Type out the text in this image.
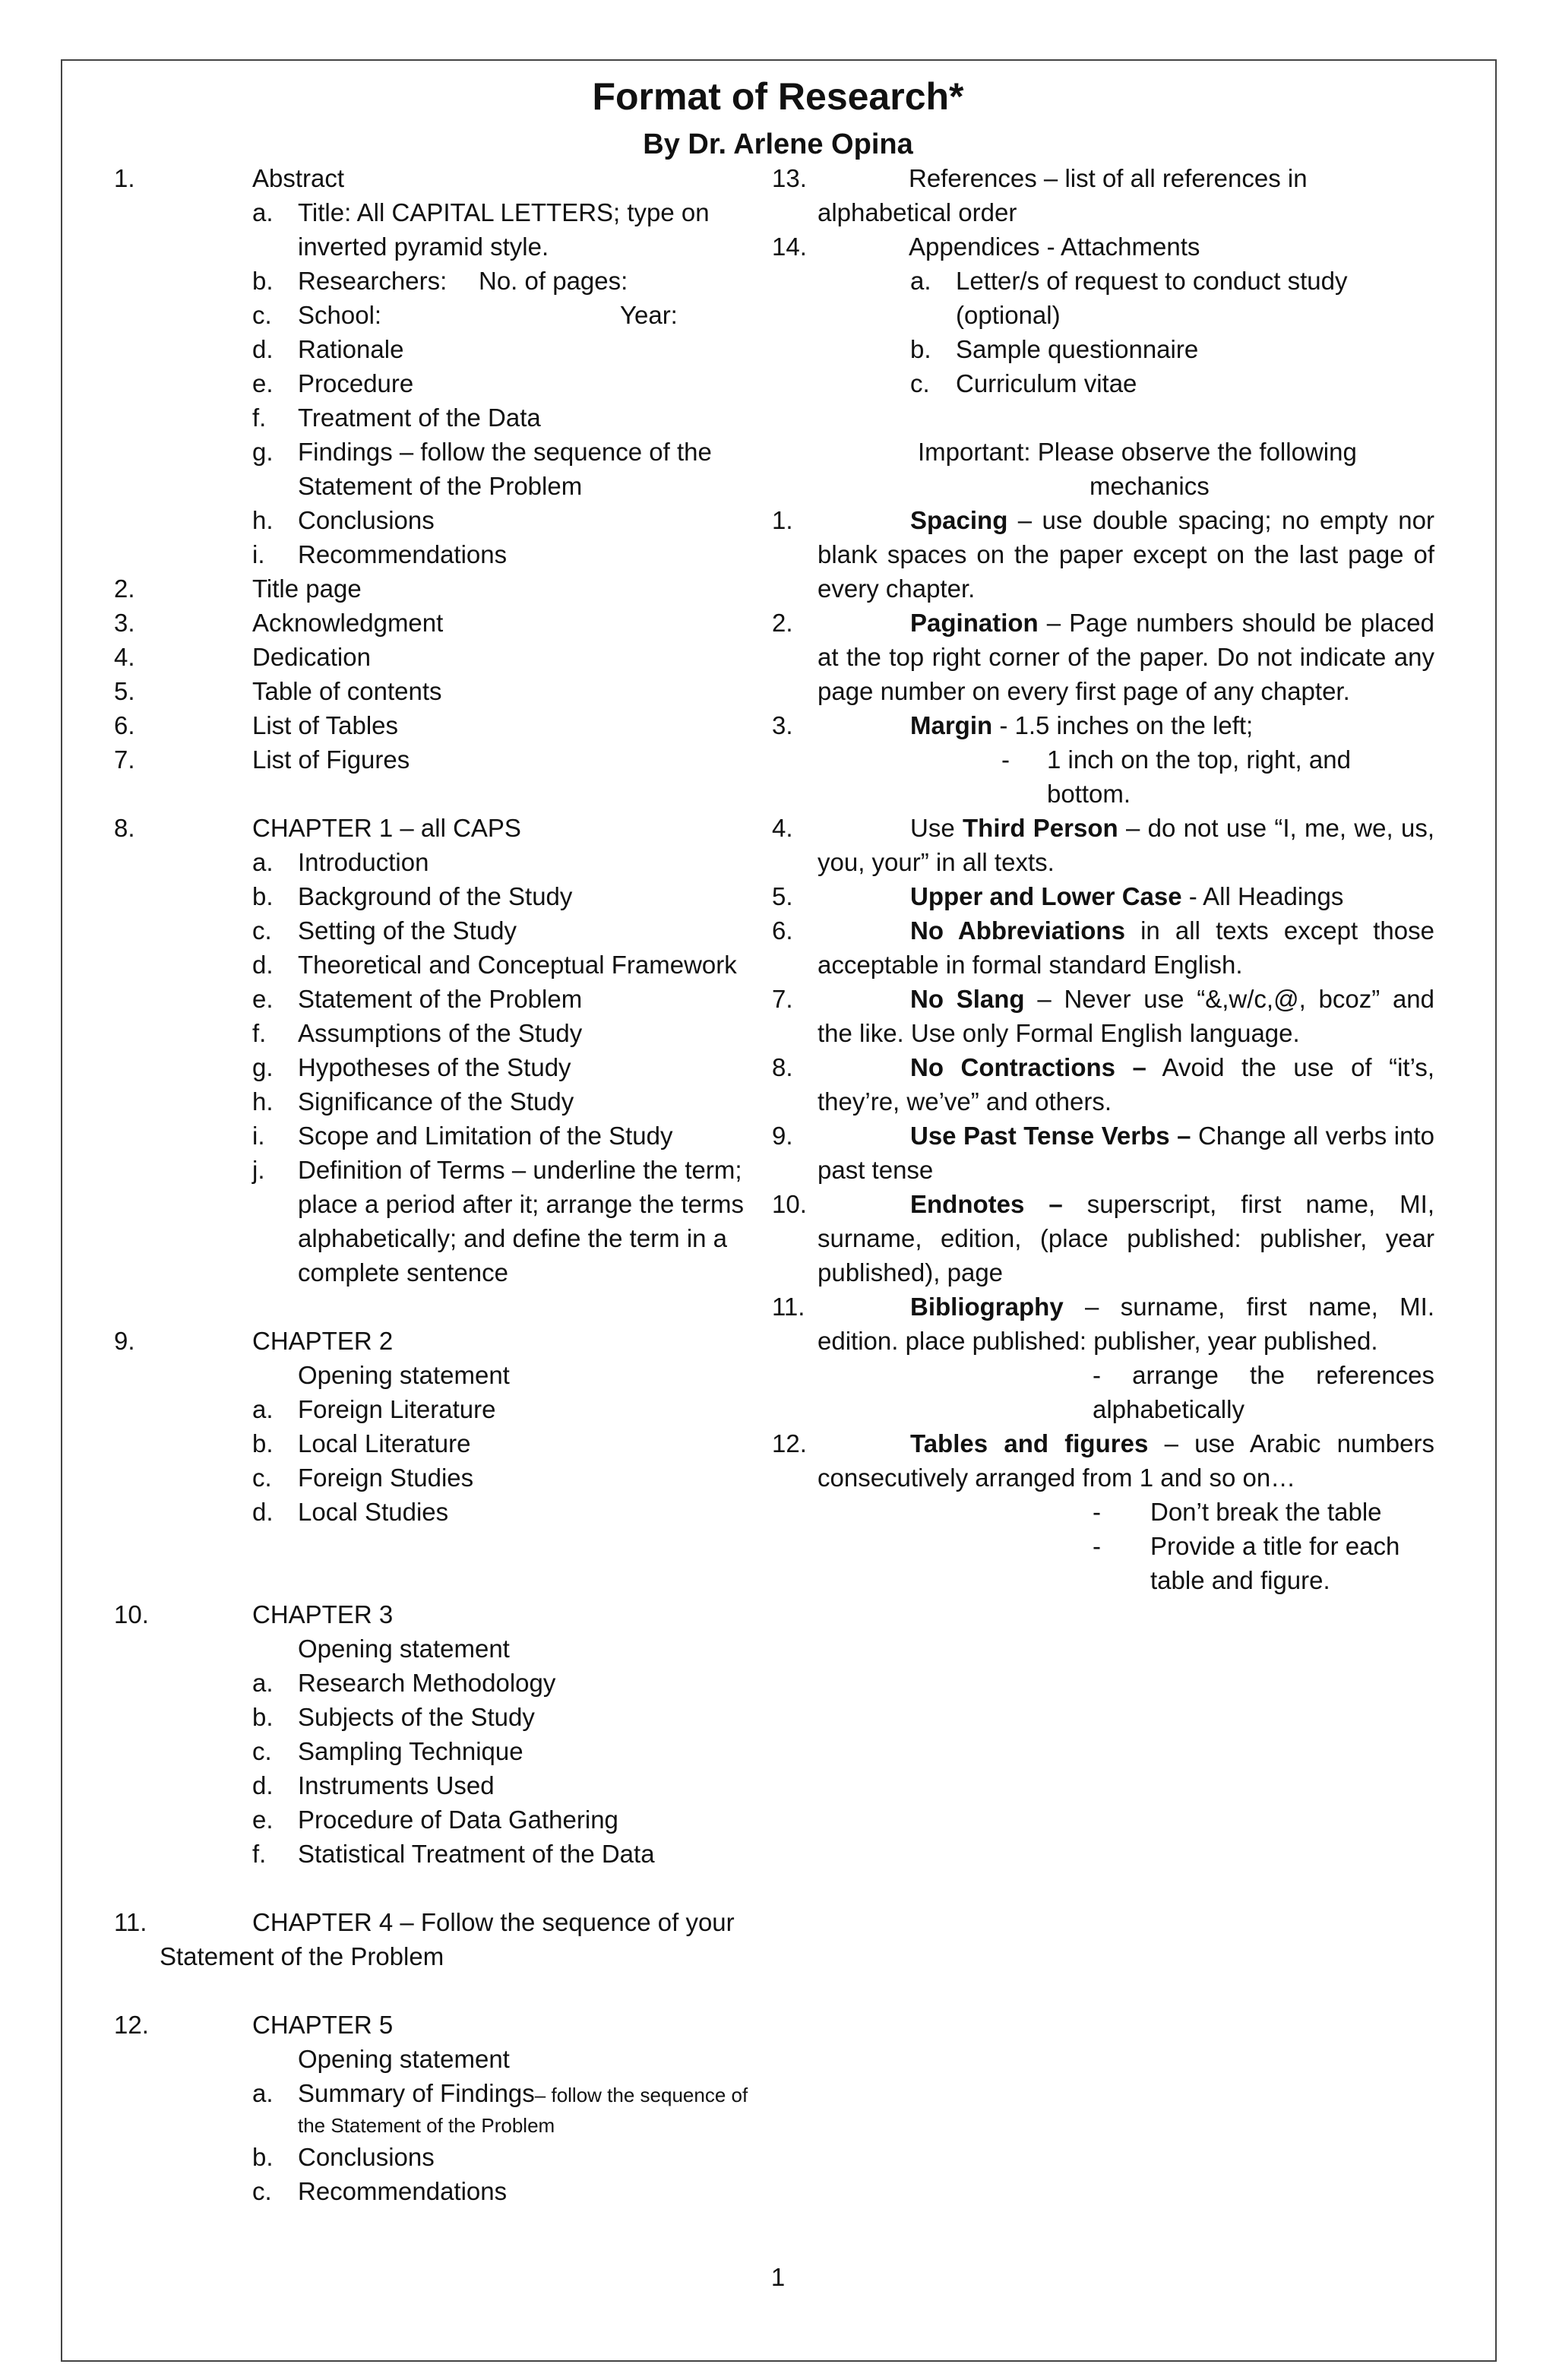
Format of Research*
By Dr. Arlene Opina
1.	Abstract
a. Title: All CAPITAL LETTERS; type on inverted pyramid style.
b. Researchers: No. of pages:
c. School:	Year:
d. Rationale
e. Procedure
f. Treatment of the Data
g. Findings – follow the sequence of the Statement of the Problem
h. Conclusions
i. Recommendations
2.	Title page
3.	Acknowledgment
4.	Dedication
5.	Table of contents
6.	List of Tables
7.	List of Figures
8.	CHAPTER 1 – all CAPS
a. Introduction
b. Background of the Study
c. Setting of the Study
d. Theoretical and Conceptual Framework
e. Statement of the Problem
f. Assumptions of the Study
g. Hypotheses of the Study
h. Significance of the Study
i. Scope and Limitation of the Study
j. Definition of Terms – underline the term; place a period after it; arrange the terms alphabetically; and define the term in a complete sentence
9.	CHAPTER 2
Opening statement
a. Foreign Literature
b. Local Literature
c. Foreign Studies
d. Local Studies
10.	CHAPTER 3
Opening statement
a. Research Methodology
b. Subjects of the Study
c. Sampling Technique
d. Instruments Used
e. Procedure of Data Gathering
f. Statistical Treatment of the Data
11.	CHAPTER 4 – Follow the sequence of your
Statement of the Problem
12.	CHAPTER 5
Opening statement
a. Summary of Findings– follow the sequence of the Statement of the Problem
b. Conclusions
c. Recommendations
13.	References – list of all references in
alphabetical order
14.	Appendices - Attachments
a. Letter/s of request to conduct study (optional)
b. Sample questionnaire
c. Curriculum vitae
Important: Please observe the following
mechanics
1.	Spacing – use double spacing; no empty nor blank spaces on the paper except on the last page of every chapter.
2.	Pagination – Page numbers should be placed at the top right corner of the paper. Do not indicate any page number on every first page of any chapter.
3.	Margin - 1.5 inches on the left;
- 1 inch on the top, right, and bottom.
4.	Use Third Person – do not use “I, me, we, us, you, your” in all texts.
5.	Upper and Lower Case - All Headings
6.	No Abbreviations in all texts except those acceptable in formal standard English.
7.	No Slang – Never use “&,w/c,@, bcoz” and the like. Use only Formal English language.
8.	No Contractions – Avoid the use of “it’s, they’re, we’ve” and others.
9.	Use Past Tense Verbs – Change all verbs into past tense
10.	Endnotes – superscript, first name, MI, surname, edition, (place published: publisher, year published), page
11.	Bibliography – surname, first name, MI. edition. place published: publisher, year published.
- arrange the references alphabetically
12.	Tables and figures – use Arabic numbers consecutively arranged from 1 and so on…
- Don’t break the table
- Provide a title for each table and figure.
1
